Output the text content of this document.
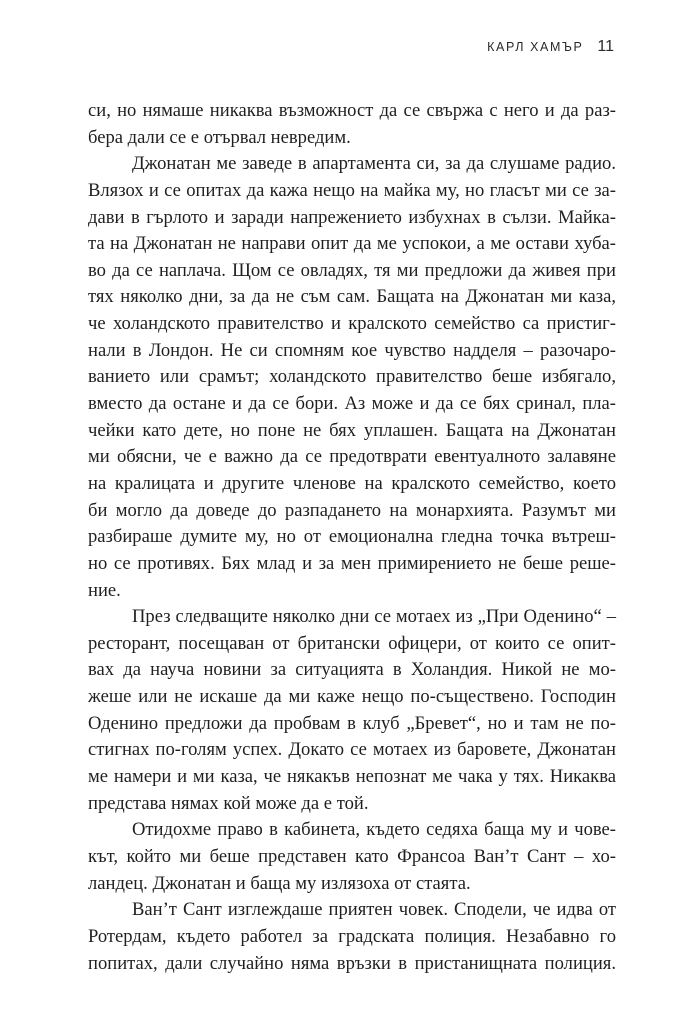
КАРЛ ХАМЪР 11
си, но нямаше никаква възможност да се свържа с него и да раз-
бера дали се е отървал невредим.
Джонатан ме заведе в апартамента си, за да слушаме радио.
Влязох и се опитах да кажа нещо на майка му, но гласът ми се за-
дави в гърлото и заради напрежението избухнах в сълзи. Майка-
та на Джонатан не направи опит да ме успокои, а ме остави хуба-
во да се наплача. Щом се овладях, тя ми предложи да живея при
тях няколко дни, за да не съм сам. Бащата на Джонатан ми каза,
че холандското правителство и кралското семейство са пристиг-
нали в Лондон. Не си спомням кое чувство надделя – разочаро-
ванието или срамът; холандското правителство беше избягало,
вместо да остане и да се бори. Аз може и да се бях сринал, пла-
чейки като дете, но поне не бях уплашен. Бащата на Джонатан
ми обясни, че е важно да се предотврати евентуалното залавяне
на кралицата и другите членове на кралското семейство, което
би могло да доведе до разпадането на монархията. Разумът ми
разбираше думите му, но от емоционална гледна точка вътреш-
но се противях. Бях млад и за мен примирението не беше реше-
ние.
През следващите няколко дни се мотаех из „При Оденино“ –
ресторант, посещаван от британски офицери, от които се опит-
вах да науча новини за ситуацията в Холандия. Никой не мо-
жеше или не искаше да ми каже нещо по-съществено. Господин
Оденино предложи да пробвам в клуб „Бревет“, но и там не по-
стигнах по-голям успех. Докато се мотаех из баровете, Джонатан
ме намери и ми каза, че някакъв непознат ме чака у тях. Никаква
представа нямах кой може да е той.
Отидохме право в кабинета, където седяха баща му и чове-
кът, който ми беше представен като Франсоа Ван’т Сант – хо-
ландец. Джонатан и баща му излязоха от стаята.
Ван’т Сант изглеждаше приятен човек. Сподели, че идва от
Ротердам, където работел за градската полиция. Незабавно го
попитах, дали случайно няма връзки в пристанищната полиция.
